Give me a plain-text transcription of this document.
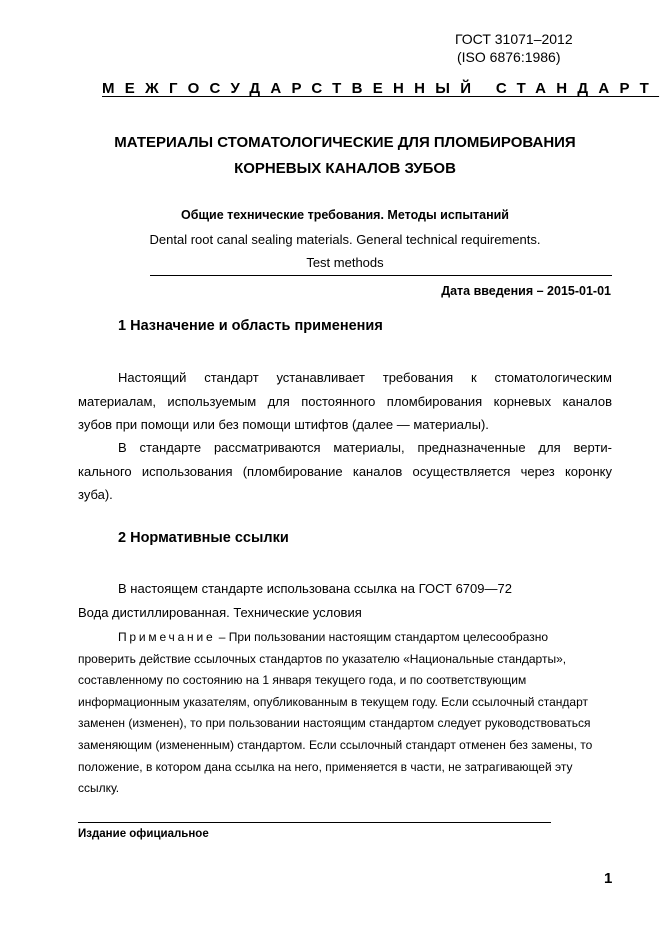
ГОСТ 31071–2012
(ISO 6876:1986)
МЕЖГОСУДАРСТВЕННЫЙ СТАНДАРТ
МАТЕРИАЛЫ СТОМАТОЛОГИЧЕСКИЕ ДЛЯ ПЛОМБИРОВАНИЯ
КОРНЕВЫХ КАНАЛОВ ЗУБОВ
Общие технические требования. Методы испытаний
Dental root canal sealing materials. General technical requirements.
Test methods
Дата введения – 2015-01-01
1 Назначение и область применения
Настоящий стандарт устанавливает требования к стоматологическим
материалам, используемым для постоянного пломбирования корневых каналов
зубов при помощи или без помощи штифтов (далее — материалы).
В стандарте рассматриваются материалы, предназначенные для верти-
кального использования (пломбирование каналов осуществляется через коронку
зуба).
2 Нормативные ссылки
В настоящем стандарте использована ссылка на ГОСТ 6709—72
Вода дистиллированная. Технические условия
Примечание – При пользовании настоящим стандартом целесообразно
проверить действие ссылочных стандартов по указателю «Национальные стандарты»,
составленному по состоянию на 1 января текущего года, и по соответствующим
информационным указателям, опубликованным в текущем году. Если ссылочный стандарт
заменен (изменен), то при пользовании настоящим стандартом следует руководствоваться
заменяющим (измененным) стандартом. Если ссылочный стандарт отменен без замены, то
положение, в котором дана ссылка на него, применяется в части, не затрагивающей эту
ссылку.
Издание официальное
1
